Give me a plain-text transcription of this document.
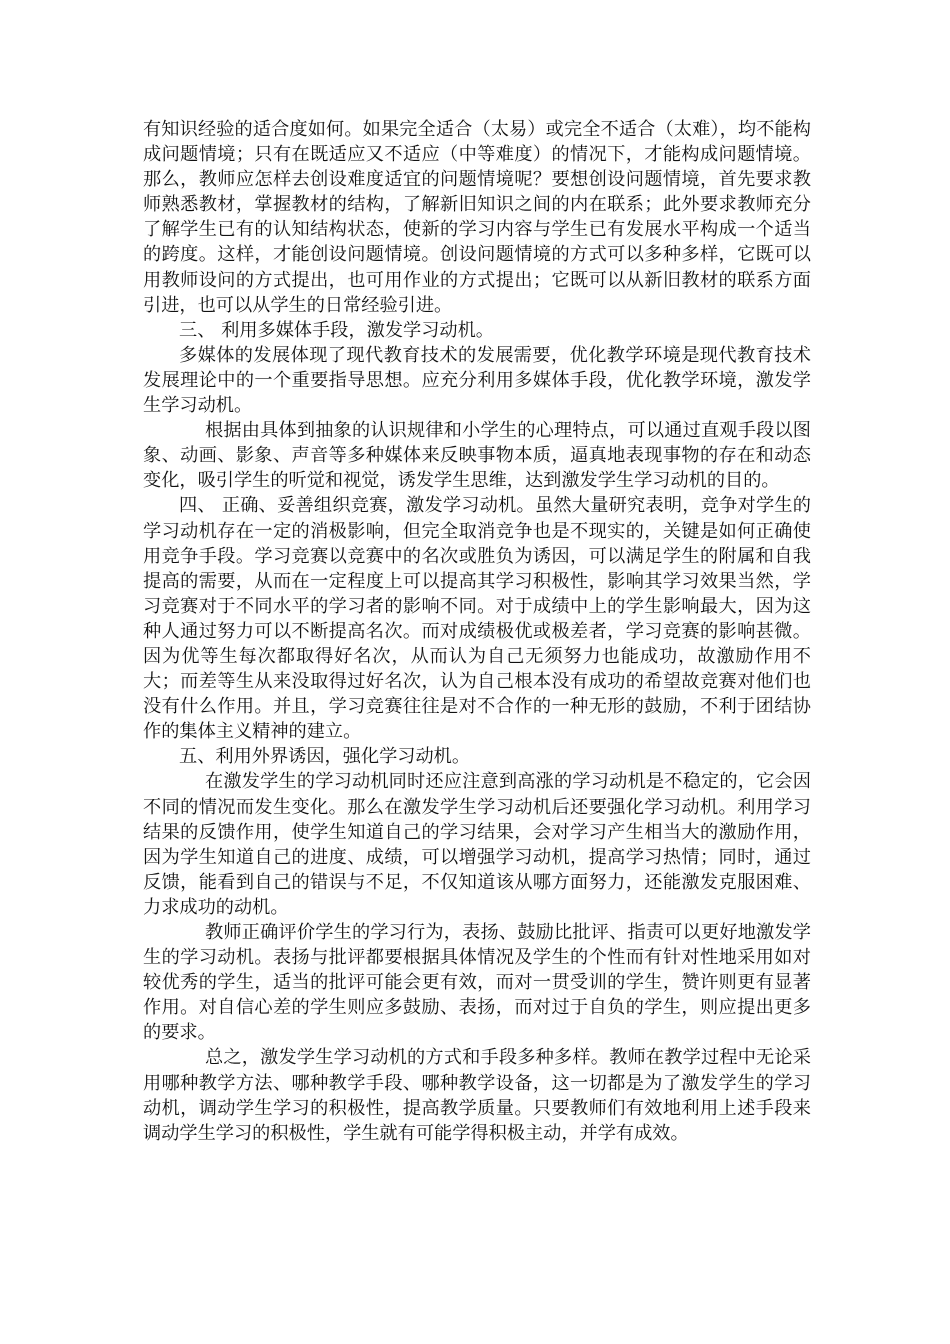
有知识经验的适合度如何。如果完全适合（太易）或完全不适合（太难），均不能构成问题情境；只有在既适应又不适应（中等难度）的情况下，才能构成问题情境。那么，教师应怎样去创设难度适宜的问题情境呢？要想创设问题情境，首先要求教师熟悉教材，掌握教材的结构，了解新旧知识之间的内在联系；此外要求教师充分了解学生已有的认知结构状态，使新的学习内容与学生已有发展水平构成一个适当的跨度。这样，才能创设问题情境。创设问题情境的方式可以多种多样，它既可以用教师设问的方式提出，也可用作业的方式提出；它既可以从新旧教材的联系方面引进，也可以从学生的日常经验引进。

三、 利用多媒体手段，激发学习动机。

多媒体的发展体现了现代教育技术的发展需要，优化教学环境是现代教育技术发展理论中的一个重要指导思想。应充分利用多媒体手段，优化教学环境，激发学生学习动机。

根据由具体到抽象的认识规律和小学生的心理特点，可以通过直观手段以图象、动画、影象、声音等多种媒体来反映事物本质，逼真地表现事物的存在和动态变化，吸引学生的听觉和视觉，诱发学生思维，达到激发学生学习动机的目的。

四、 正确、妥善组织竞赛，激发学习动机。虽然大量研究表明，竞争对学生的学习动机存在一定的消极影响，但完全取消竞争也是不现实的，关键是如何正确使用竞争手段。学习竞赛以竞赛中的名次或胜负为诱因，可以满足学生的附属和自我提高的需要，从而在一定程度上可以提高其学习积极性，影响其学习效果当然，学习竞赛对于不同水平的学习者的影响不同。对于成绩中上的学生影响最大，因为这种人通过努力可以不断提高名次。而对成绩极优或极差者，学习竞赛的影响甚微。因为优等生每次都取得好名次，从而认为自己无须努力也能成功，故激励作用不大；而差等生从来没取得过好名次，认为自己根本没有成功的希望故竞赛对他们也没有什么作用。并且，学习竞赛往往是对不合作的一种无形的鼓励，不利于团结协作的集体主义精神的建立。

五、利用外界诱因，强化学习动机。

在激发学生的学习动机同时还应注意到高涨的学习动机是不稳定的，它会因不同的情况而发生变化。那么在激发学生学习动机后还要强化学习动机。利用学习结果的反馈作用，使学生知道自己的学习结果，会对学习产生相当大的激励作用，因为学生知道自己的进度、成绩，可以增强学习动机，提高学习热情；同时，通过反馈，能看到自己的错误与不足，不仅知道该从哪方面努力，还能激发克服困难、力求成功的动机。

教师正确评价学生的学习行为，表扬、鼓励比批评、指责可以更好地激发学生的学习动机。表扬与批评都要根据具体情况及学生的个性而有针对性地采用如对较优秀的学生，适当的批评可能会更有效，而对一贯受训的学生，赞许则更有显著作用。对自信心差的学生则应多鼓励、表扬，而对过于自负的学生，则应提出更多的要求。

总之，激发学生学习动机的方式和手段多种多样。教师在教学过程中无论采用哪种教学方法、哪种教学手段、哪种教学设备，这一切都是为了激发学生的学习动机，调动学生学习的积极性，提高教学质量。只要教师们有效地利用上述手段来调动学生学习的积极性，学生就有可能学得积极主动，并学有成效。
